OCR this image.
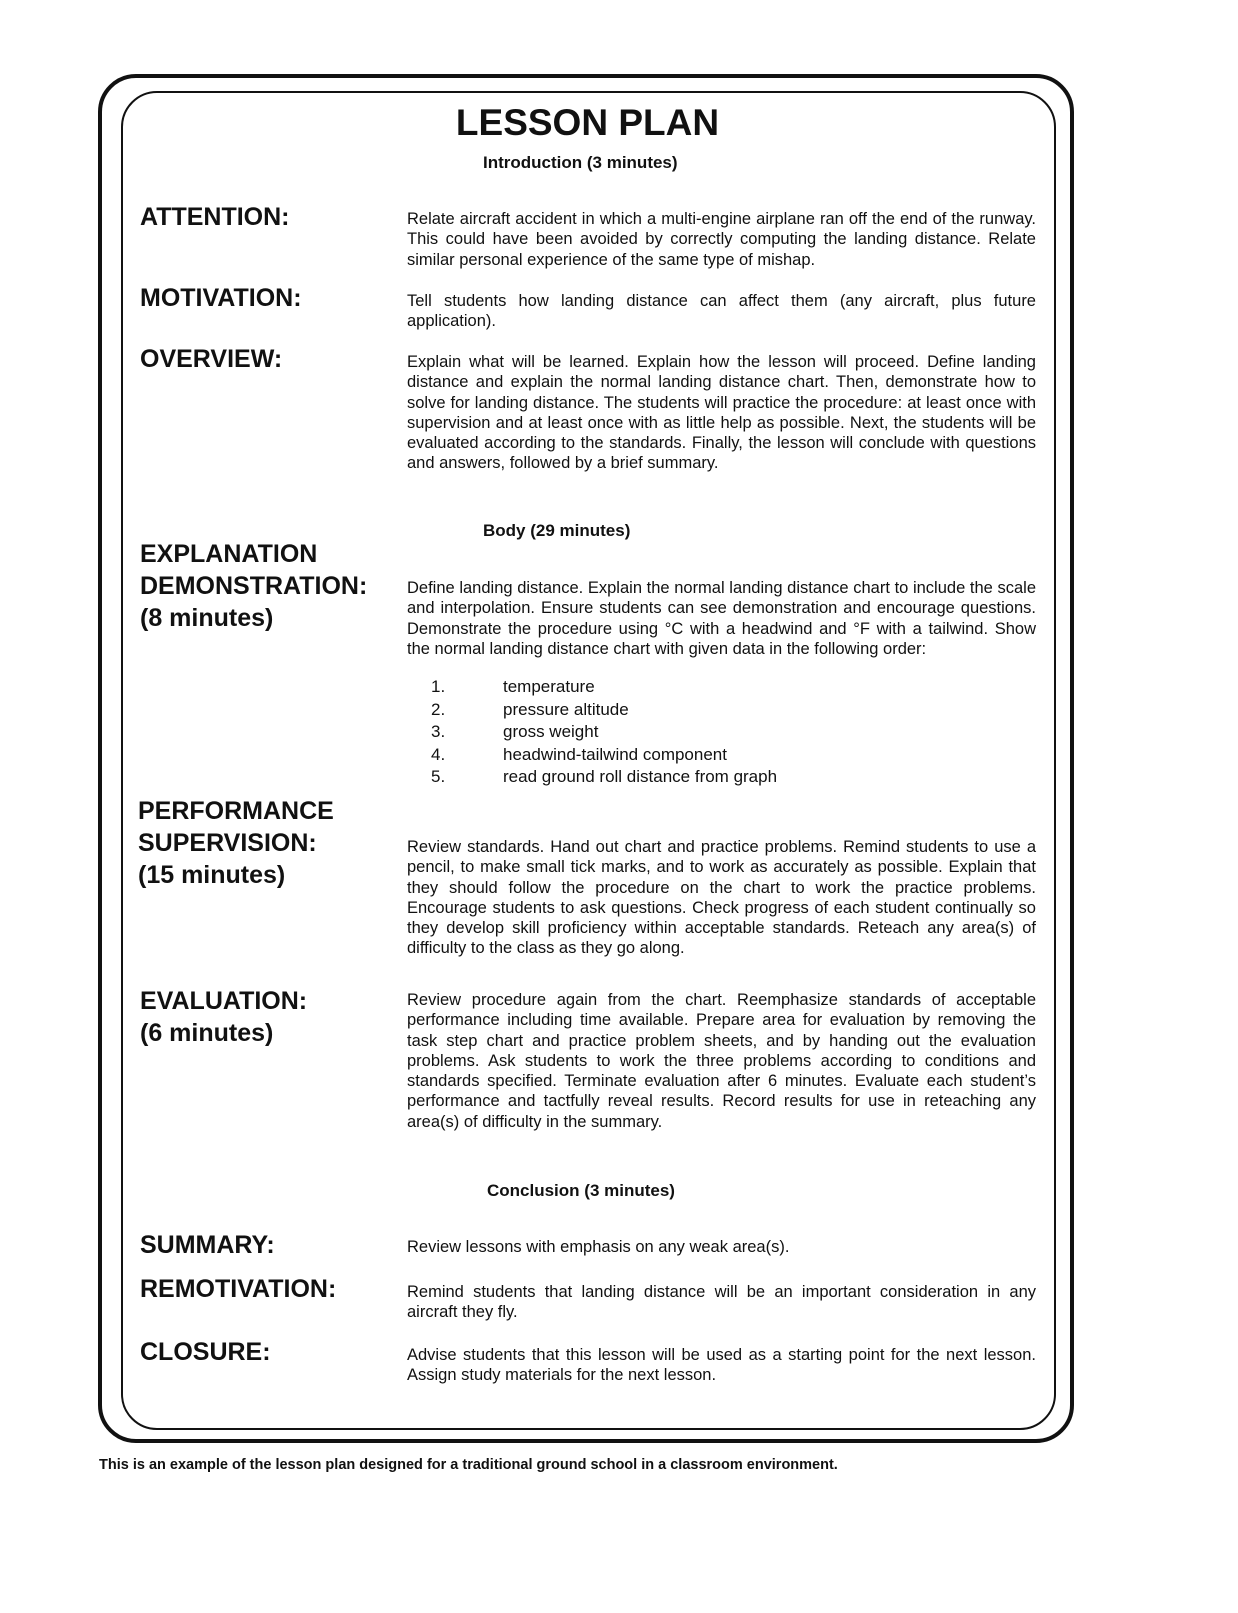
LESSON PLAN
Introduction (3 minutes)
ATTENTION:	Relate aircraft accident in which a multi-engine airplane ran off the end of the runway. This could have been avoided by correctly computing the landing distance. Relate similar personal experience of the same type of mishap.
MOTIVATION:	Tell students how landing distance can affect them (any aircraft, plus future application).
OVERVIEW:	Explain what will be learned. Explain how the lesson will proceed. Define landing distance and explain the normal landing distance chart. Then, demonstrate how to solve for landing distance. The students will practice the procedure: at least once with supervision and at least once with as little help as possible. Next, the students will be evaluated according to the standards. Finally, the lesson will conclude with questions and answers, followed by a brief summary.
Body (29 minutes)
EXPLANATION
DEMONSTRATION:
(8 minutes)
Define landing distance. Explain the normal landing distance chart to include the scale and interpolation. Ensure students can see demonstration and encourage questions. Demonstrate the procedure using °C with a headwind and °F with a tailwind. Show the normal landing distance chart with given data in the following order:
1.	temperature
2.	pressure altitude
3.	gross weight
4.	headwind-tailwind component
5.	read ground roll distance from graph
PERFORMANCE
SUPERVISION:
(15 minutes)
Review standards. Hand out chart and practice problems. Remind students to use a pencil, to make small tick marks, and to work as accurately as possible. Explain that they should follow the procedure on the chart to work the practice problems. Encourage students to ask questions. Check progress of each student continually so they develop skill proficiency within acceptable standards. Reteach any area(s) of difficulty to the class as they go along.
EVALUATION:
(6 minutes)
Review procedure again from the chart. Reemphasize standards of acceptable performance including time available. Prepare area for evaluation by removing the task step chart and practice problem sheets, and by handing out the evaluation problems. Ask students to work the three problems according to conditions and standards specified. Terminate evaluation after 6 minutes. Evaluate each student’s performance and tactfully reveal results. Record results for use in reteaching any area(s) of difficulty in the summary.
Conclusion (3 minutes)
SUMMARY:	Review lessons with emphasis on any weak area(s).
REMOTIVATION:	Remind students that landing distance will be an important consideration in any aircraft they fly.
CLOSURE:	Advise students that this lesson will be used as a starting point for the next lesson. Assign study materials for the next lesson.
This is an example of the lesson plan designed for a traditional ground school in a classroom environment.
